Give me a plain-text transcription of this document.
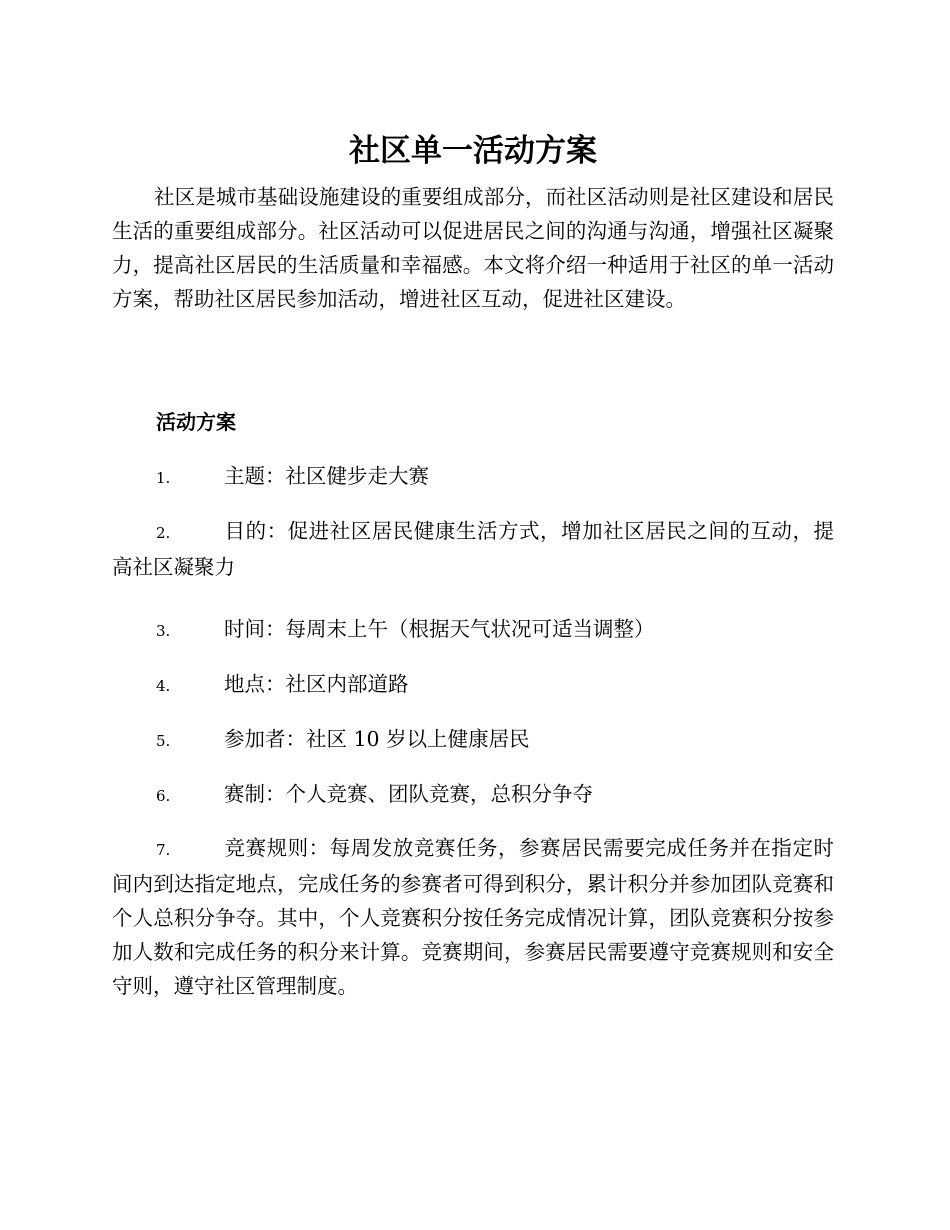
社区单一活动方案

社区是城市基础设施建设的重要组成部分，而社区活动则是社区建设和居民生活的重要组成部分。社区活动可以促进居民之间的沟通与沟通，增强社区凝聚力，提高社区居民的生活质量和幸福感。本文将介绍一种适用于社区的单一活动方案，帮助社区居民参加活动，增进社区互动，促进社区建设。

活动方案

1.	主题：社区健步走大赛

2.	目的：促进社区居民健康生活方式，增加社区居民之间的互动，提高社区凝聚力

3.	时间：每周末上午（根据天气状况可适当调整）

4.	地点：社区内部道路

5.	参加者：社区 10 岁以上健康居民

6.	赛制：个人竞赛、团队竞赛，总积分争夺

7.	竞赛规则：每周发放竞赛任务，参赛居民需要完成任务并在指定时间内到达指定地点，完成任务的参赛者可得到积分，累计积分并参加团队竞赛和个人总积分争夺。其中，个人竞赛积分按任务完成情况计算，团队竞赛积分按参加人数和完成任务的积分来计算。竞赛期间，参赛居民需要遵守竞赛规则和安全守则，遵守社区管理制度。
